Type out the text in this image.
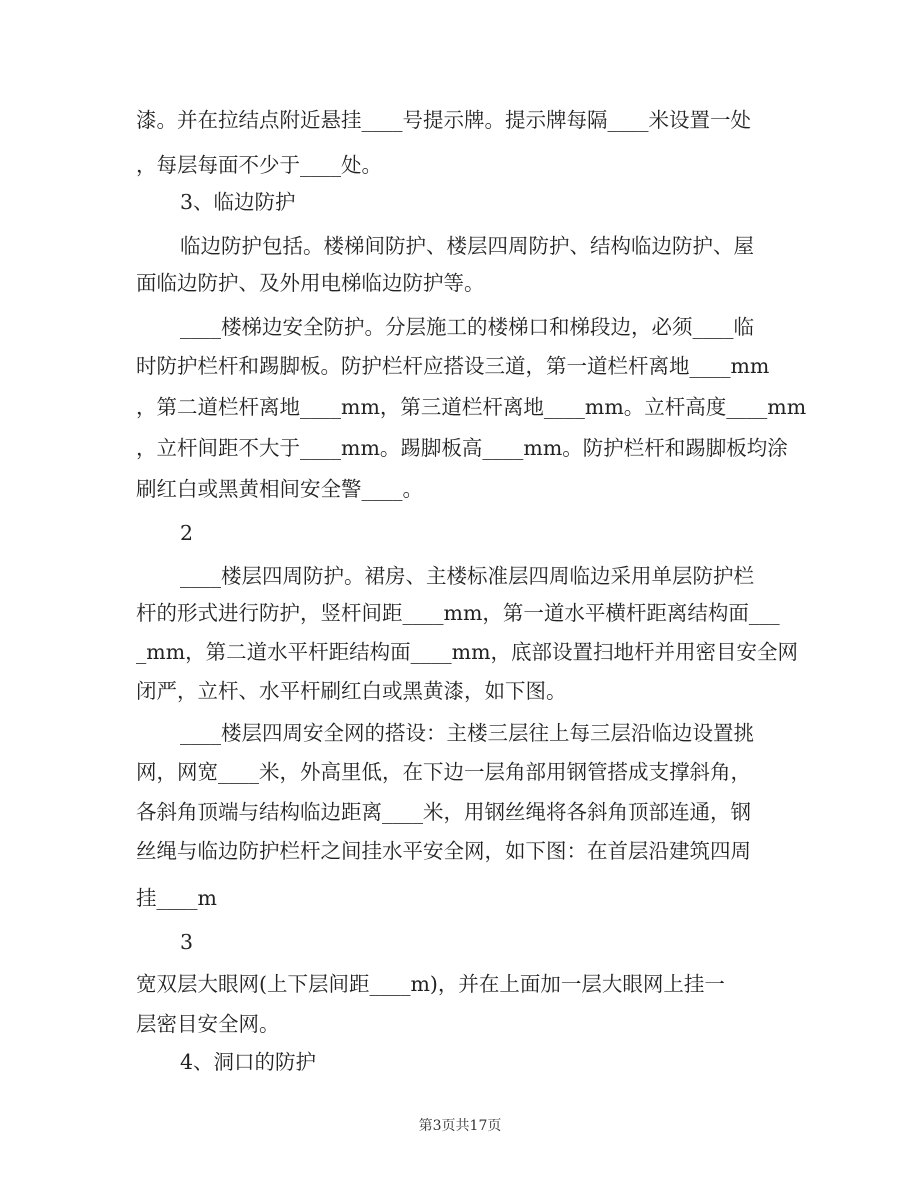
漆。并在拉结点附近悬挂____号提示牌。提示牌每隔____米设置一处
，每层每面不少于____处。
3、临边防护
临边防护包括。楼梯间防护、楼层四周防护、结构临边防护、屋
面临边防护、及外用电梯临边防护等。
____楼梯边安全防护。分层施工的楼梯口和梯段边，必须____临
时防护栏杆和踢脚板。防护栏杆应搭设三道，第一道栏杆离地____mm
，第二道栏杆离地____mm，第三道栏杆离地____mm。立杆高度____mm
，立杆间距不大于____mm。踢脚板高____mm。防护栏杆和踢脚板均涂
刷红白或黑黄相间安全警____。
2
____楼层四周防护。裙房、主楼标准层四周临边采用单层防护栏
杆的形式进行防护，竖杆间距____mm，第一道水平横杆距离结构面___
_mm，第二道水平杆距结构面____mm，底部设置扫地杆并用密目安全网
闭严，立杆、水平杆刷红白或黑黄漆，如下图。
____楼层四周安全网的搭设：主楼三层往上每三层沿临边设置挑
网，网宽____米，外高里低，在下边一层角部用钢管搭成支撑斜角，
各斜角顶端与结构临边距离____米，用钢丝绳将各斜角顶部连通，钢
丝绳与临边防护栏杆之间挂水平安全网，如下图：在首层沿建筑四周
挂____m
3
宽双层大眼网(上下层间距____m)，并在上面加一层大眼网上挂一
层密目安全网。
4、洞口的防护
第3页共17页
